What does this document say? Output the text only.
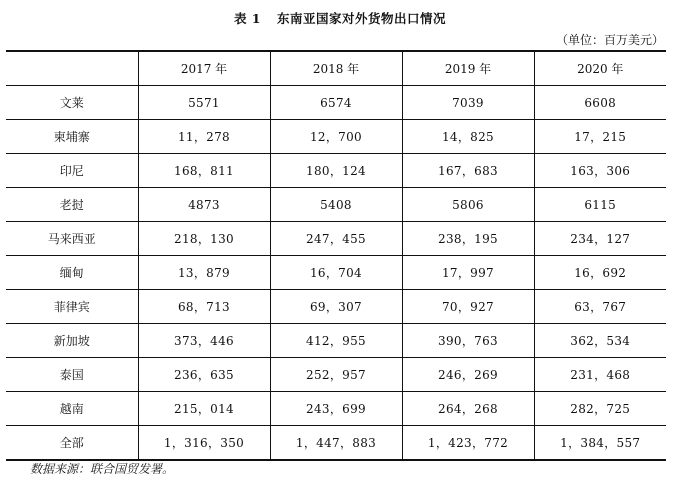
表 1 东南亚国家对外货物出口情况
（单位：百万美元）
	2017 年	2018 年	2019 年	2020 年
文莱	5571	6574	7039	6608
柬埔寨	11，278	12，700	14，825	17，215
印尼	168，811	180，124	167，683	163，306
老挝	4873	5408	5806	6115
马来西亚	218，130	247，455	238，195	234，127
缅甸	13，879	16，704	17，997	16，692
菲律宾	68，713	69，307	70，927	63，767
新加坡	373，446	412，955	390，763	362，534
泰国	236，635	252，957	246，269	231，468
越南	215，014	243，699	264，268	282，725
全部	1，316，350	1，447，883	1，423，772	1，384，557
数据来源：联合国贸发署。
